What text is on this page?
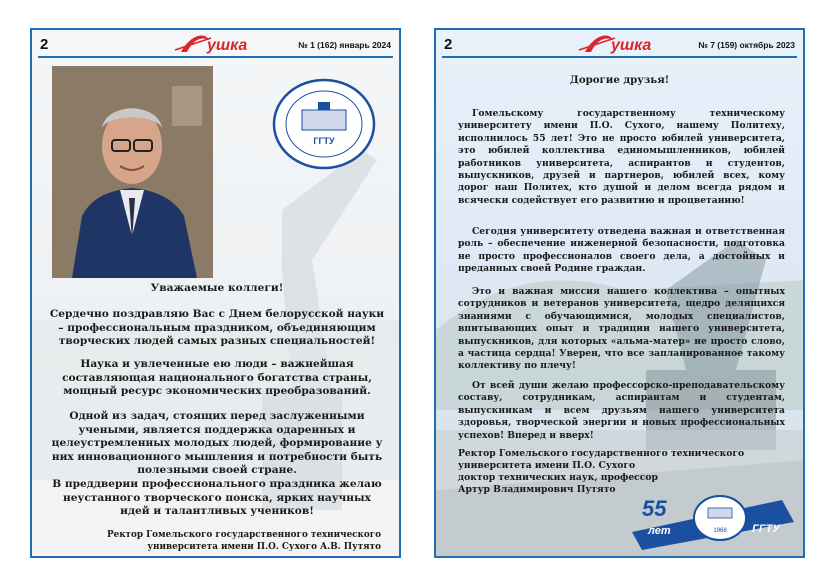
2	ушка	№ 1 (162) январь 2024
ГГТУ
Уважаемые коллеги!
Сердечно поздравляю Вас с Днем белорусской науки – профессиональным праздником, объединяющим творческих людей самых разных специальностей!
Наука и увлеченные ею люди – важнейшая составляющая национального богатства страны, мощный ресурс экономических преобразований.
Одной из задач, стоящих перед заслуженными учеными, является поддержка одаренных и целеустремленных молодых людей, формирование у них инновационного мышления и потребности быть полезными своей стране.
В преддверии профессионального праздника желаю неустанного творческого поиска, ярких научных идей и талантливых учеников!
Ректор Гомельского государственного технического
университета имени П.О. Сухого А.В. Путято
2	ушка	№ 7 (159) октябрь 2023
Дорогие друзья!
Гомельскому государственному техническому университету имени П.О. Сухого, нашему Политеху, исполнилось 55 лет! Это не просто юбилей университета, это юбилей коллектива единомышленников, юбилей работников университета, аспирантов и студентов, выпускников, друзей и партнеров, юбилей всех, кому дорог наш Политех, кто душой и делом всегда рядом и всячески содействует его развитию и процветанию!
Сегодня университету отведена важная и ответственная роль – обеспечение инженерной безопасности, подготовка не просто профессионалов своего дела, а достойных и преданных своей Родине граждан.
Это и важная миссия нашего коллектива – опытных сотрудников и ветеранов университета, щедро делящихся знаниями с обучающимися, молодых специалистов, впитывающих опыт и традиции нашего университета, выпускников, для которых «альма-матер» не просто слово, а частица сердца! Уверен, что все запланированное такому коллективу по плечу!
От всей души желаю профессорско-преподавательскому составу, сотрудникам, аспирантам и студентам, выпускникам и всем друзьям нашего университета здоровья, творческой энергии и новых профессиональных успехов! Вперед и вверх!
Ректор Гомельского государственного технического
университета имени П.О. Сухого
доктор технических наук, профессор
Артур Владимирович Путято
55
лет	1968 ГГТУ
